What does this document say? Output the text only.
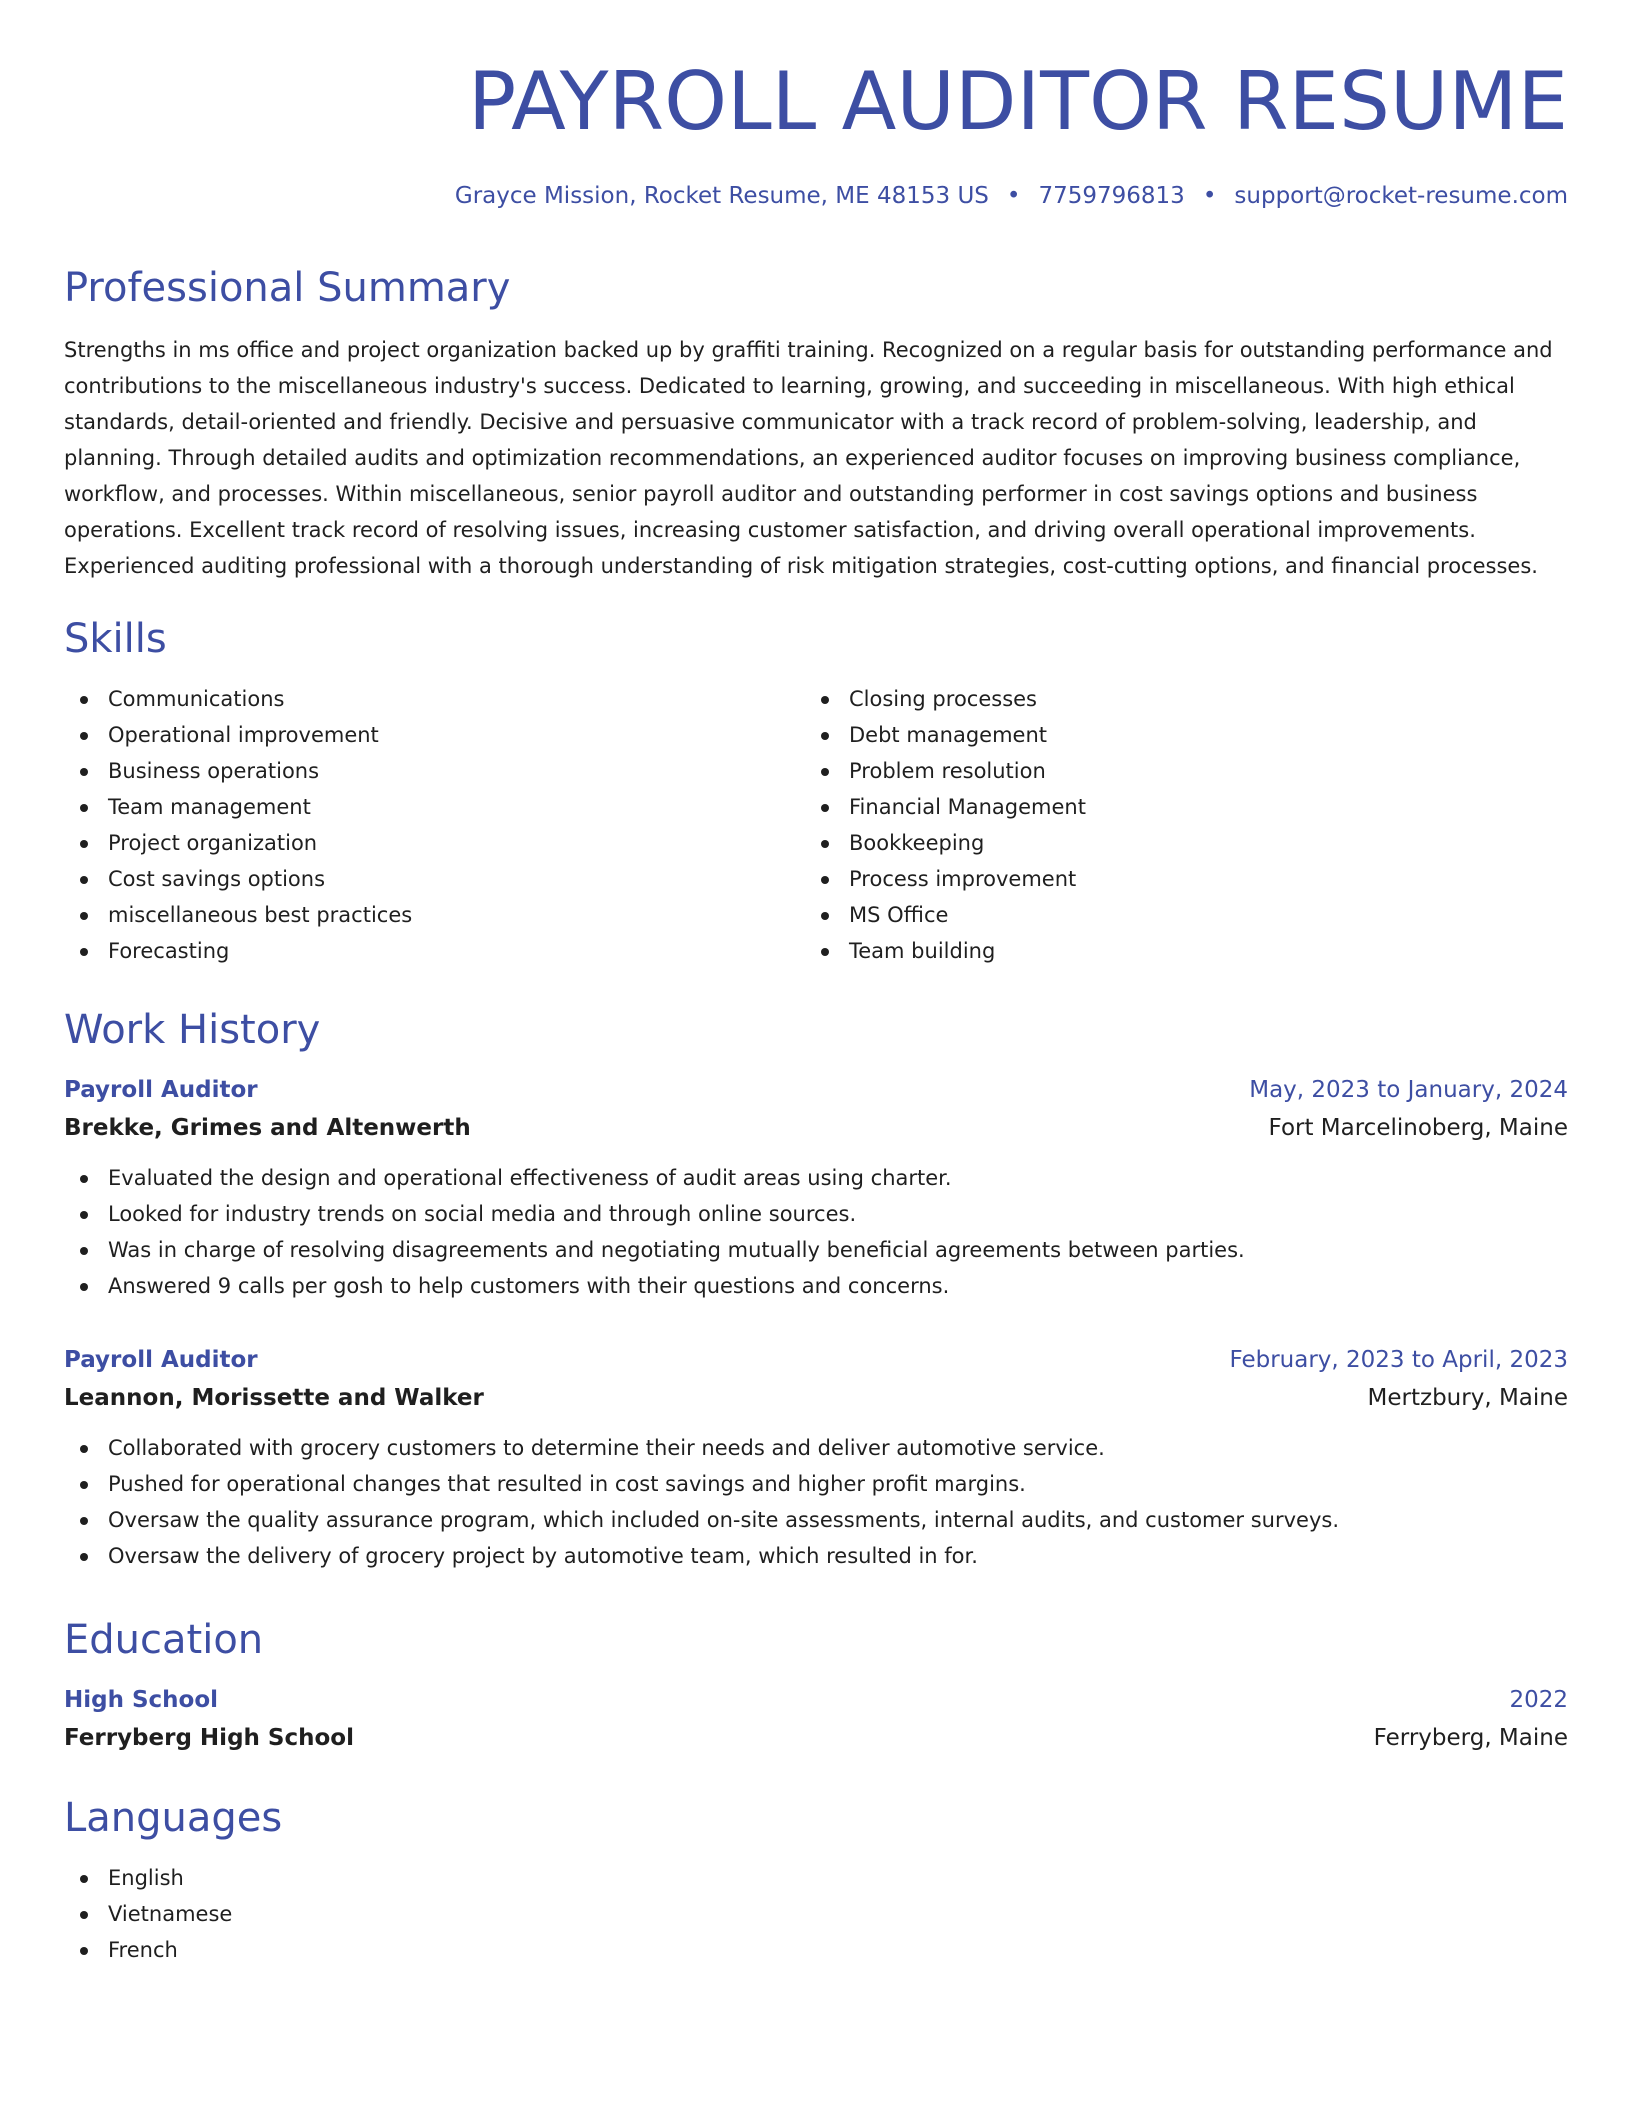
PAYROLL AUDITOR RESUME
Grayce Mission, Rocket Resume, ME 48153 US • 7759796813 • support@rocket-resume.com
Professional Summary

Strengths in ms office and project organization backed up by graffiti training. Recognized on a regular basis for outstanding performance and contributions to the miscellaneous industry's success. Dedicated to learning, growing, and succeeding in miscellaneous. With high ethical standards, detail-oriented and friendly. Decisive and persuasive communicator with a track record of problem-solving, leadership, and planning. Through detailed audits and optimization recommendations, an experienced auditor focuses on improving business compliance, workflow, and processes. Within miscellaneous, senior payroll auditor and outstanding performer in cost savings options and business operations. Excellent track record of resolving issues, increasing customer satisfaction, and driving overall operational improvements. Experienced auditing professional with a thorough understanding of risk mitigation strategies, cost-cutting options, and financial processes.

Skills
Communications
Operational improvement
Business operations
Team management
Project organization
Cost savings options
miscellaneous best practices
Forecasting
Closing processes
Debt management
Problem resolution
Financial Management
Bookkeeping
Process improvement
MS Office
Team building
Work History
Payroll Auditor	May, 2023 to January, 2024
Brekke, Grimes and Altenwerth	Fort Marcelinoberg, Maine
Evaluated the design and operational effectiveness of audit areas using charter.
Looked for industry trends on social media and through online sources.
Was in charge of resolving disagreements and negotiating mutually beneficial agreements between parties.
Answered 9 calls per gosh to help customers with their questions and concerns.
Payroll Auditor	February, 2023 to April, 2023
Leannon, Morissette and Walker	Mertzbury, Maine
Collaborated with grocery customers to determine their needs and deliver automotive service.
Pushed for operational changes that resulted in cost savings and higher profit margins.
Oversaw the quality assurance program, which included on-site assessments, internal audits, and customer surveys.
Oversaw the delivery of grocery project by automotive team, which resulted in for.
Education
High School	2022
Ferryberg High School	Ferryberg, Maine
Languages
English
Vietnamese
French
